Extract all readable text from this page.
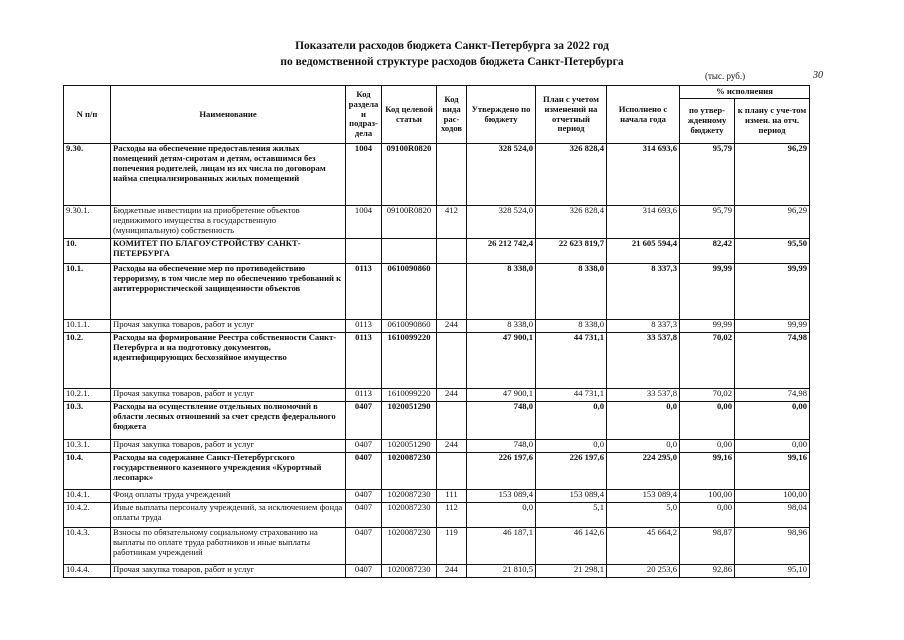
Показатели расходов бюджета Санкт-Петербурга за 2022 год
по ведомственной структуре расходов бюджета Санкт-Петербурга
(тыс. руб.)	30
N п/п	Наименование	Код раздела и подраз-дела	Код целевой статьи	Код вида рас-ходов	Утверждено по бюджету	План с учетом изменений на отчетный период	Исполнено с начала года	% исполнения	
								по утвер-жденному бюджету	к плану с уче-том измен. на отч. период
9.30.	Расходы на обеспечение предоставления жилых помещений детям-сиротам и детям, оставшимся без попечения родителей, лицам из их числа по договорам найма специализированных жилых помещений	1004	09100R0820		328 524,0	326 828,4	314 693,6	95,79	96,29
9.30.1.	Бюджетные инвестиции на приобретение объектов недвижимого имущества в государственную (муниципальную) собственность	1004	09100R0820	412	328 524,0	326 828,4	314 693,6	95,79	96,29
10.	КОМИТЕТ ПО БЛАГОУСТРОЙСТВУ САНКТ-ПЕТЕРБУРГА				26 212 742,4	22 623 819,7	21 605 594,4	82,42	95,50
10.1.	Расходы на обеспечение мер по противодействию терроризму, в том числе мер по обеспечению требований к антитеррористической защищенности объектов	0113	0610090860		8 338,0	8 338,0	8 337,3	99,99	99,99
10.1.1.	Прочая закупка товаров, работ и услуг	0113	0610090860	244	8 338,0	8 338,0	8 337,3	99,99	99,99
10.2.	Расходы на формирование Реестра собственности Санкт-Петербурга и на подготовку документов, идентифицирующих бесхозяйное имущество	0113	1610099220		47 900,1	44 731,1	33 537,8	70,02	74,98
10.2.1.	Прочая закупка товаров, работ и услуг	0113	1610099220	244	47 900,1	44 731,1	33 537,8	70,02	74,98
10.3.	Расходы на осуществление отдельных полномочий в области лесных отношений за счет средств федерального бюджета	0407	1020051290		748,0	0,0	0,0	0,00	0,00
10.3.1.	Прочая закупка товаров, работ и услуг	0407	1020051290	244	748,0	0,0	0,0	0,00	0,00
10.4.	Расходы на содержание Санкт-Петербургского государственного казенного учреждения «Курортный лесопарк»	0407	1020087230		226 197,6	226 197,6	224 295,0	99,16	99,16
10.4.1.	Фонд оплаты труда учреждений	0407	1020087230	111	153 089,4	153 089,4	153 089,4	100,00	100,00
10.4.2.	Иные выплаты персоналу учреждений, за исключением фонда оплаты труда	0407	1020087230	112	0,0	5,1	5,0	0,00	98,04
10.4.3.	Взносы по обязательному социальному страхованию на выплаты по оплате труда работников и иные выплаты работникам учреждений	0407	1020087230	119	46 187,1	46 142,6	45 664,2	98,87	98,96
10.4.4.	Прочая закупка товаров, работ и услуг	0407	1020087230	244	21 810,5	21 298,1	20 253,6	92,86	95,10
